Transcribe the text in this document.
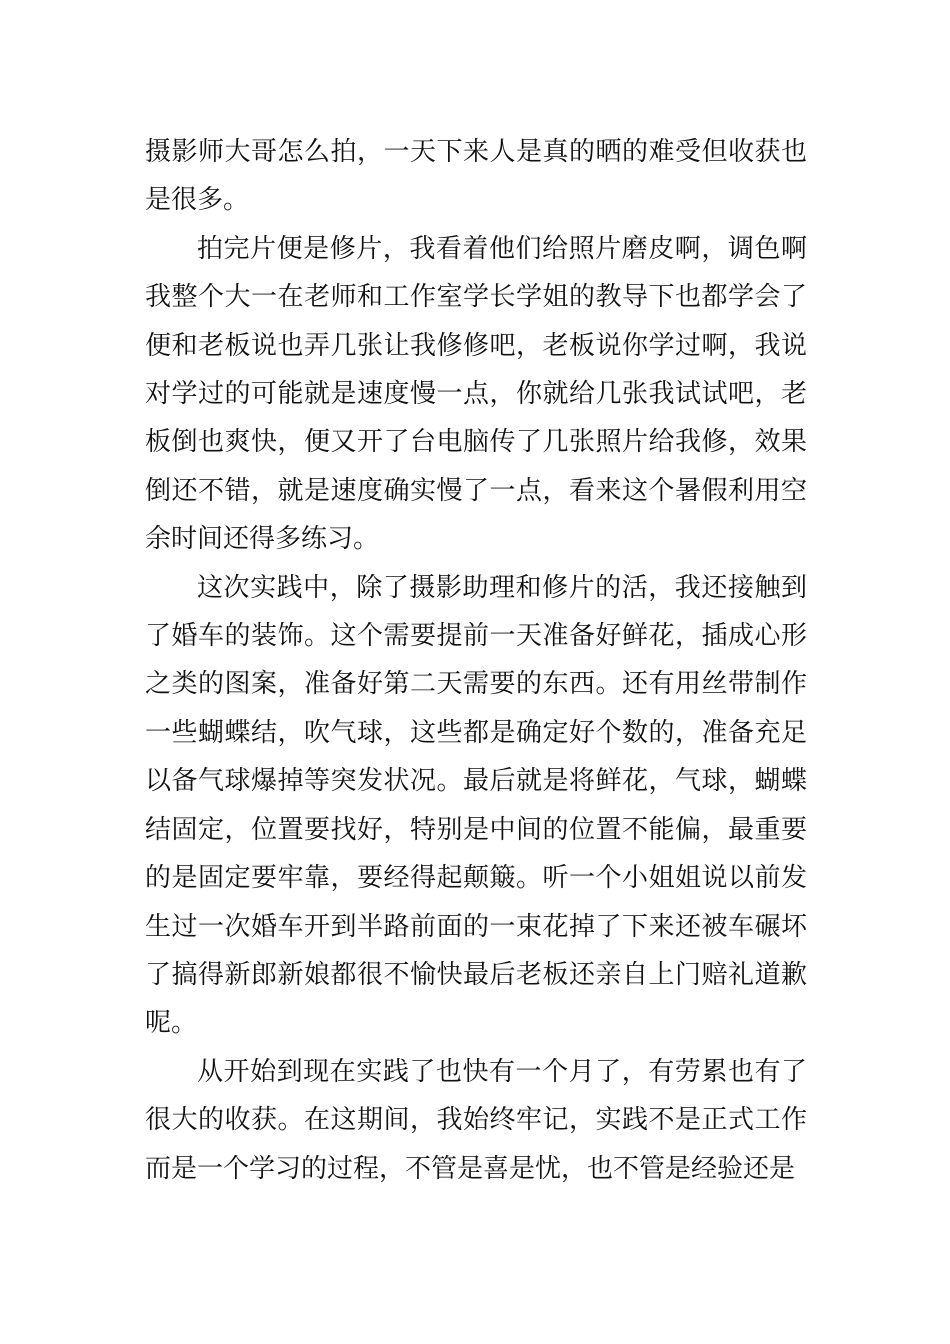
摄影师大哥怎么拍，一天下来人是真的晒的难受但收获也是很多。

拍完片便是修片，我看着他们给照片磨皮啊，调色啊我整个大一在老师和工作室学长学姐的教导下也都学会了便和老板说也弄几张让我修修吧，老板说你学过啊，我说对学过的可能就是速度慢一点，你就给几张我试试吧，老板倒也爽快，便又开了台电脑传了几张照片给我修，效果倒还不错，就是速度确实慢了一点，看来这个暑假利用空余时间还得多练习。

这次实践中，除了摄影助理和修片的活，我还接触到了婚车的装饰。这个需要提前一天准备好鲜花，插成心形之类的图案，准备好第二天需要的东西。还有用丝带制作一些蝴蝶结，吹气球，这些都是确定好个数的，准备充足以备气球爆掉等突发状况。最后就是将鲜花，气球，蝴蝶结固定，位置要找好，特别是中间的位置不能偏，最重要的是固定要牢靠，要经得起颠簸。听一个小姐姐说以前发生过一次婚车开到半路前面的一束花掉了下来还被车碾坏了搞得新郎新娘都很不愉快最后老板还亲自上门赔礼道歉呢。

从开始到现在实践了也快有一个月了，有劳累也有了很大的收获。在这期间，我始终牢记，实践不是正式工作而是一个学习的过程，不管是喜是忧，也不管是经验还是
